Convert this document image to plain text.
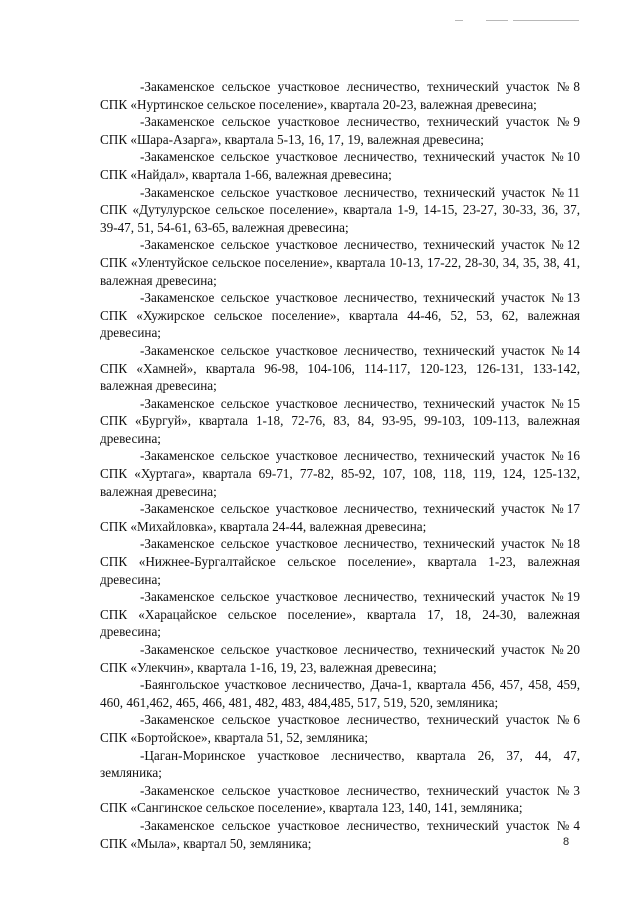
-Закаменское сельское участковое лесничество, технический участок №8 СПК «Нуртинское сельское поселение», квартала 20-23, валежная древесина;

-Закаменское сельское участковое лесничество, технический участок №9 СПК «Шара-Азарга», квартала 5-13, 16, 17, 19, валежная древесина;

-Закаменское сельское участковое лесничество, технический участок №10 СПК «Найдал», квартала 1-66, валежная древесина;

-Закаменское сельское участковое лесничество, технический участок №11 СПК «Дутулурское сельское поселение», квартала 1-9, 14-15, 23-27, 30-33, 36, 37, 39-47, 51, 54-61, 63-65, валежная древесина;

-Закаменское сельское участковое лесничество, технический участок №12 СПК «Улентуйское сельское поселение», квартала 10-13, 17-22, 28-30, 34, 35, 38, 41, валежная древесина;

-Закаменское сельское участковое лесничество, технический участок №13 СПК «Хужирское сельское поселение», квартала 44-46, 52, 53, 62, валежная древесина;

-Закаменское сельское участковое лесничество, технический участок №14 СПК «Хамней», квартала 96-98, 104-106, 114-117, 120-123, 126-131, 133-142, валежная древесина;

-Закаменское сельское участковое лесничество, технический участок №15 СПК «Бургуй», квартала 1-18, 72-76, 83, 84, 93-95, 99-103, 109-113, валежная древесина;

-Закаменское сельское участковое лесничество, технический участок №16 СПК «Хуртага», квартала 69-71, 77-82, 85-92, 107, 108, 118, 119, 124, 125-132, валежная древесина;

-Закаменское сельское участковое лесничество, технический участок №17 СПК «Михайловка», квартала 24-44, валежная древесина;

-Закаменское сельское участковое лесничество, технический участок №18 СПК «Нижнее-Бургалтайское сельское поселение», квартала 1-23, валежная древесина;

-Закаменское сельское участковое лесничество, технический участок №19 СПК «Харацайское сельское поселение», квартала 17, 18, 24-30, валежная древесина;

-Закаменское сельское участковое лесничество, технический участок №20 СПК «Улекчин», квартала 1-16, 19, 23, валежная древесина;

-Баянгольское участковое лесничество, Дача-1, квартала 456, 457, 458, 459, 460, 461,462, 465, 466, 481, 482, 483, 484,485, 517, 519, 520, земляника;

-Закаменское сельское участковое лесничество, технический участок №6 СПК «Бортойское», квартала 51, 52, земляника;

-Цаган-Моринское участковое лесничество, квартала 26, 37, 44, 47, земляника;

-Закаменское сельское участковое лесничество, технический участок №3 СПК «Сангинское сельское поселение», квартала 123, 140, 141, земляника;

-Закаменское сельское участковое лесничество, технический участок №4 СПК «Мыла», квартал 50, земляника;	8
